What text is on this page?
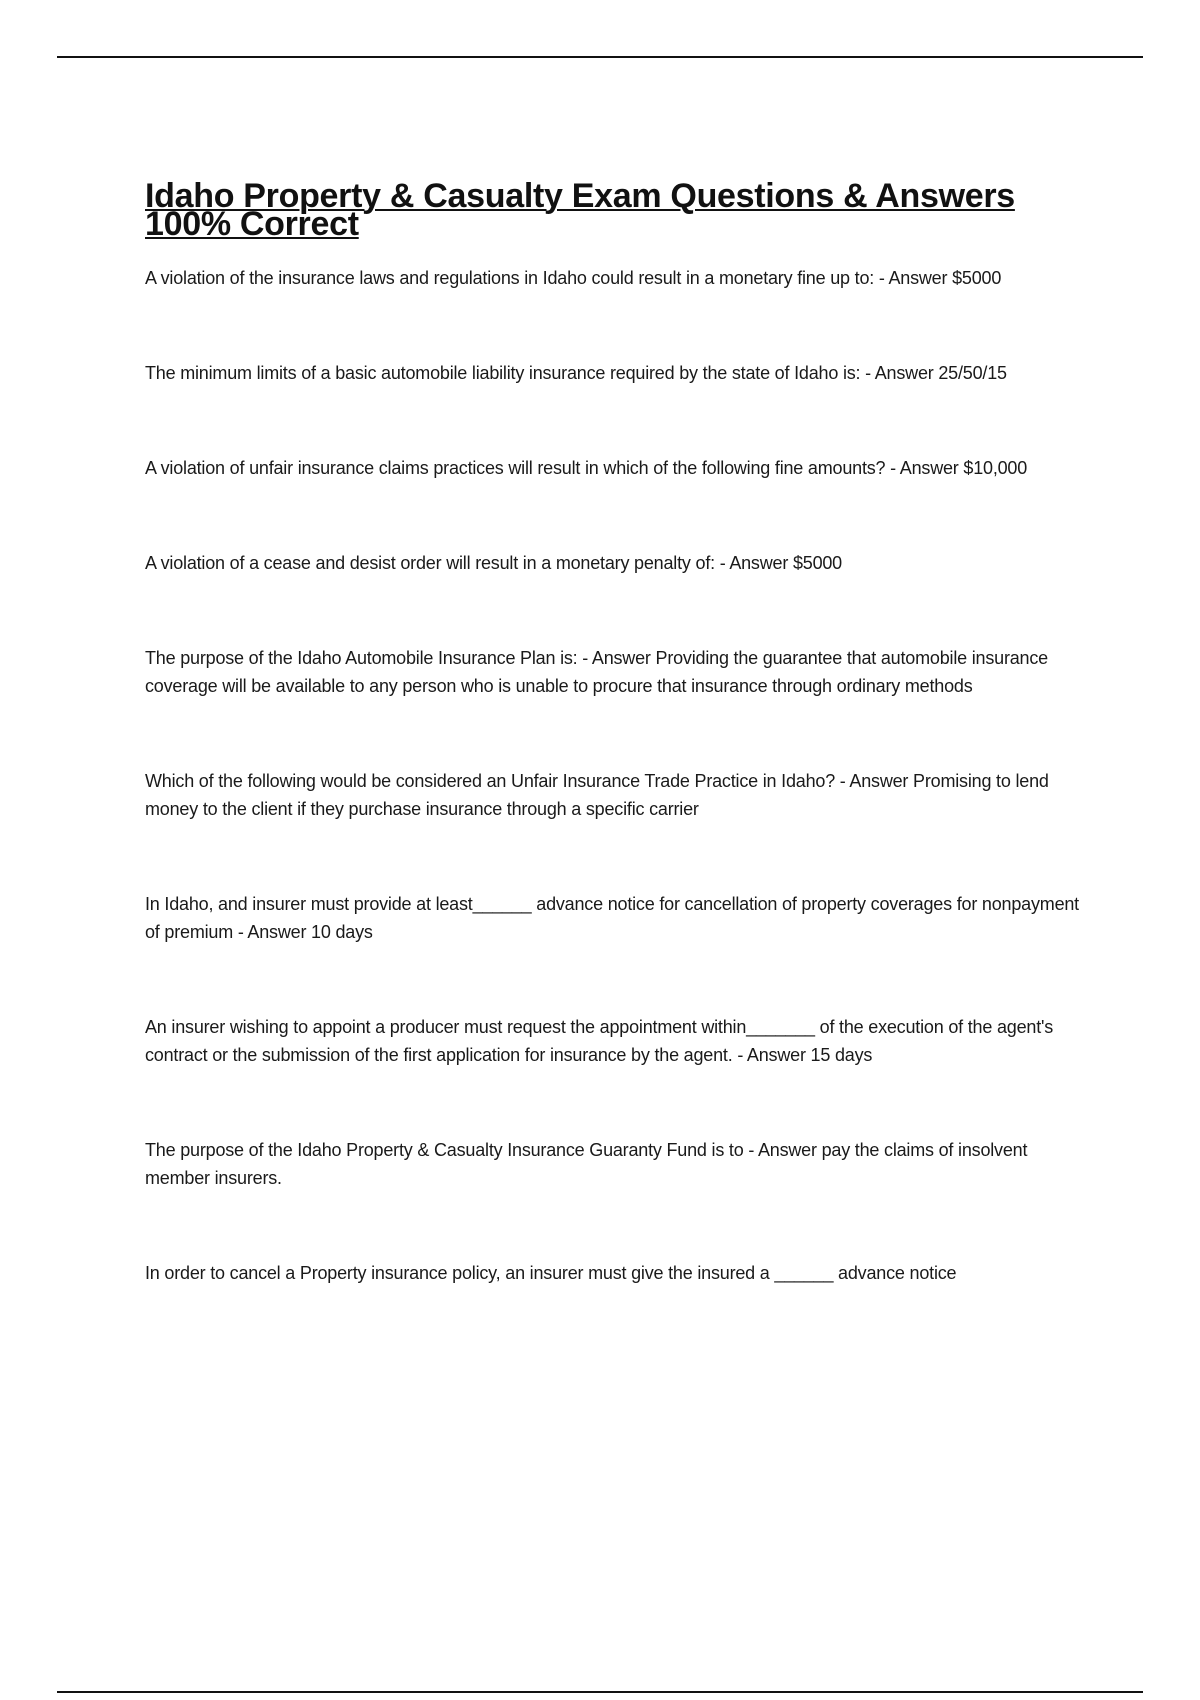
Idaho Property & Casualty Exam Questions & Answers 100% Correct

A violation of the insurance laws and regulations in Idaho could result in a monetary fine up to: - Answer $5000

The minimum limits of a basic automobile liability insurance required by the state of Idaho is: - Answer 25/50/15

A violation of unfair insurance claims practices will result in which of the following fine amounts? - Answer $10,000

A violation of a cease and desist order will result in a monetary penalty of: - Answer $5000

The purpose of the Idaho Automobile Insurance Plan is: - Answer Providing the guarantee that automobile insurance coverage will be available to any person who is unable to procure that insurance through ordinary methods

Which of the following would be considered an Unfair Insurance Trade Practice in Idaho? - Answer Promising to lend money to the client if they purchase insurance through a specific carrier

In Idaho, and insurer must provide at least______ advance notice for cancellation of property coverages for nonpayment of premium - Answer 10 days

An insurer wishing to appoint a producer must request the appointment within_______ of the execution of the agent's contract or the submission of the first application for insurance by the agent. - Answer 15 days

The purpose of the Idaho Property & Casualty Insurance Guaranty Fund is to - Answer pay the claims of insolvent member insurers.

In order to cancel a Property insurance policy, an insurer must give the insured a ______ advance notice
